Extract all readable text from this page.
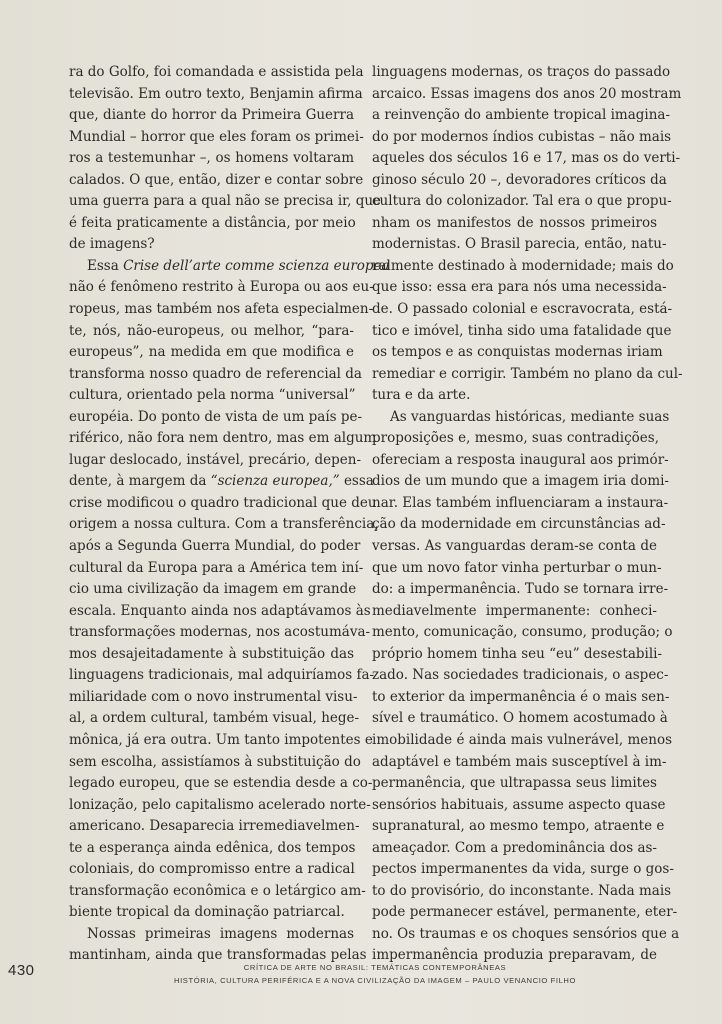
ra do Golfo, foi comandada e assistida pela
televisão. Em outro texto, Benjamin afirma
que, diante do horror da Primeira Guerra
Mundial – horror que eles foram os primei-
ros a testemunhar –, os homens voltaram
calados. O que, então, dizer e contar sobre
uma guerra para a qual não se precisa ir, que
é feita praticamente a distância, por meio
de imagens?
Essa Crise dell’arte comme scienza europea
não é fenômeno restrito à Europa ou aos eu-
ropeus, mas também nos afeta especialmen-
te, nós, não-europeus, ou melhor, “para-
europeus”, na medida em que modifica e
transforma nosso quadro de referencial da
cultura, orientado pela norma “universal”
européia. Do ponto de vista de um país pe-
riférico, não fora nem dentro, mas em algum
lugar deslocado, instável, precário, depen-
dente, à margem da “scienza europea,” essa
crise modificou o quadro tradicional que deu
origem a nossa cultura. Com a transferência,
após a Segunda Guerra Mundial, do poder
cultural da Europa para a América tem iní-
cio uma civilização da imagem em grande
escala. Enquanto ainda nos adaptávamos às
transformações modernas, nos acostumáva-
mos desajeitadamente à substituição das
linguagens tradicionais, mal adquiríamos fa-
miliaridade com o novo instrumental visu-
al, a ordem cultural, também visual, hege-
mônica, já era outra. Um tanto impotentes e
sem escolha, assistíamos à substituição do
legado europeu, que se estendia desde a co-
lonização, pelo capitalismo acelerado norte-
americano. Desaparecia irremediavelmen-
te a esperança ainda edênica, dos tempos
coloniais, do compromisso entre a radical
transformação econômica e o letárgico am-
biente tropical da dominação patriarcal.
Nossas primeiras imagens modernas
mantinham, ainda que transformadas pelas
linguagens modernas, os traços do passado
arcaico. Essas imagens dos anos 20 mostram
a reinvenção do ambiente tropical imagina-
do por modernos índios cubistas – não mais
aqueles dos séculos 16 e 17, mas os do verti-
ginoso século 20 –, devoradores críticos da
cultura do colonizador. Tal era o que propu-
nham os manifestos de nossos primeiros
modernistas. O Brasil parecia, então, natu-
ralmente destinado à modernidade; mais do
que isso: essa era para nós uma necessida-
de. O passado colonial e escravocrata, está-
tico e imóvel, tinha sido uma fatalidade que
os tempos e as conquistas modernas iriam
remediar e corrigir. Também no plano da cul-
tura e da arte.
As vanguardas históricas, mediante suas
proposições e, mesmo, suas contradições,
ofereciam a resposta inaugural aos primór-
dios de um mundo que a imagem iria domi-
nar. Elas também influenciaram a instaura-
ção da modernidade em circunstâncias ad-
versas. As vanguardas deram-se conta de
que um novo fator vinha perturbar o mun-
do: a impermanência. Tudo se tornara irre-
mediavelmente impermanente: conheci-
mento, comunicação, consumo, produção; o
próprio homem tinha seu “eu” desestabili-
zado. Nas sociedades tradicionais, o aspec-
to exterior da impermanência é o mais sen-
sível e traumático. O homem acostumado à
imobilidade é ainda mais vulnerável, menos
adaptável e também mais susceptível à im-
permanência, que ultrapassa seus limites
sensórios habituais, assume aspecto quase
supranatural, ao mesmo tempo, atraente e
ameaçador. Com a predominância dos as-
pectos impermanentes da vida, surge o gos-
to do provisório, do inconstante. Nada mais
pode permanecer estável, permanente, eter-
no. Os traumas e os choques sensórios que a
impermanência produzia preparavam, de
430	CRÍTICA DE ARTE NO BRASIL: TEMÁTICAS CONTEMPORÂNEAS
HISTÓRIA, CULTURA PERIFÉRICA E A NOVA CIVILIZAÇÃO DA IMAGEM – PAULO VENANCIO FILHO
